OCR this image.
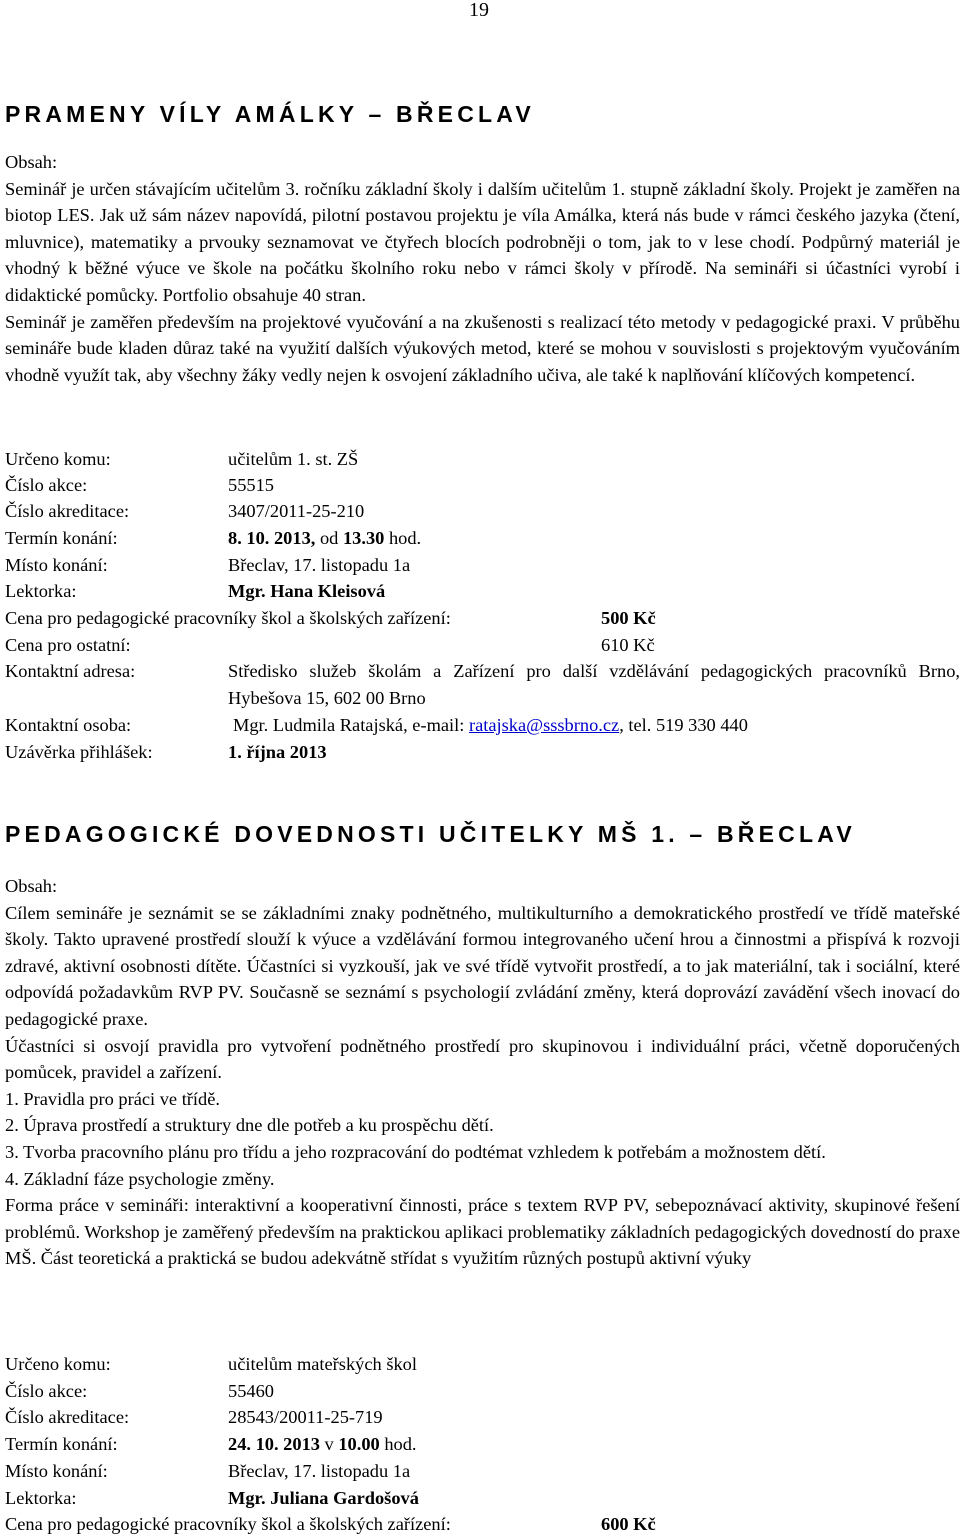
19
PRAMENY VÍLY AMÁLKY – BŘECLAV
Obsah:
Seminář je určen stávajícím učitelům 3. ročníku základní školy i dalším učitelům 1. stupně základní školy. Projekt je zaměřen na biotop LES. Jak už sám název napovídá, pilotní postavou projektu je víla Amálka, která nás bude v rámci českého jazyka (čtení, mluvnice), matematiky a prvouky seznamovat ve čtyřech blocích podrobněji o tom, jak to v lese chodí. Podpůrný materiál je vhodný k běžné výuce ve škole na počátku školního roku nebo v rámci školy v přírodě. Na semináři si účastníci vyrobí i didaktické pomůcky. Portfolio obsahuje 40 stran.
Seminář je zaměřen především na projektové vyučování a na zkušenosti s realizací této metody v pedagogické praxi. V průběhu semináře bude kladen důraz také na využití dalších výukových metod, které se mohou v souvislosti s projektovým vyučováním vhodně využít tak, aby všechny žáky vedly nejen k osvojení základního učiva, ale také k naplňování klíčových kompetencí.
Určeno komu:	učitelům 1. st. ZŠ
Číslo akce:	55515
Číslo akreditace:	3407/2011-25-210
Termín konání:	8. 10. 2013, od 13.30 hod.
Místo konání:	Břeclav, 17. listopadu 1a
Lektorka:	Mgr. Hana Kleisová
Cena pro pedagogické pracovníky škol a školských zařízení:	500 Kč
Cena pro ostatní:	610 Kč
Kontaktní adresa:	Středisko služeb školám a Zařízení pro další vzdělávání pedagogických pracovníků Brno, Hybešova 15, 602 00 Brno
Kontaktní osoba:	Mgr. Ludmila Ratajská, e-mail: ratajska@sssbrno.cz, tel. 519 330 440
Uzávěrka přihlášek:	1. října 2013
PEDAGOGICKÉ DOVEDNOSTI UČITELKY MŠ 1. – BŘECLAV
Obsah:
Cílem semináře je seznámit se se základními znaky podnětného, multikulturního a demokratického prostředí ve třídě mateřské školy. Takto upravené prostředí slouží k výuce a vzdělávání formou integrovaného učení hrou a činnostmi a přispívá k rozvoji zdravé, aktivní osobnosti dítěte. Účastníci si vyzkouší, jak ve své třídě vytvořit prostředí, a to jak materiální, tak i sociální, které odpovídá požadavkům RVP PV. Současně se seznámí s psychologií zvládání změny, která doprovází zavádění všech inovací do pedagogické praxe.
Účastníci si osvojí pravidla pro vytvoření podnětného prostředí pro skupinovou i individuální práci, včetně doporučených pomůcek, pravidel a zařízení.
1. Pravidla pro práci ve třídě.
2. Úprava prostředí a struktury dne dle potřeb a ku prospěchu dětí.
3. Tvorba pracovního plánu pro třídu a jeho rozpracování do podtémat vzhledem k potřebám a možnostem dětí.
4. Základní fáze psychologie změny.
Forma práce v semináři: interaktivní a kooperativní činnosti, práce s textem RVP PV, sebepoznávací aktivity, skupinové řešení problémů. Workshop je zaměřený především na praktickou aplikaci problematiky základních pedagogických dovedností do praxe MŠ. Část teoretická a praktická se budou adekvátně střídat s využitím různých postupů aktivní výuky
Určeno komu:	učitelům mateřských škol
Číslo akce:	55460
Číslo akreditace:	28543/20011-25-719
Termín konání:	24. 10. 2013 v 10.00 hod.
Místo konání:	Břeclav, 17. listopadu 1a
Lektorka:	Mgr. Juliana Gardošová
Cena pro pedagogické pracovníky škol a školských zařízení:	600 Kč
